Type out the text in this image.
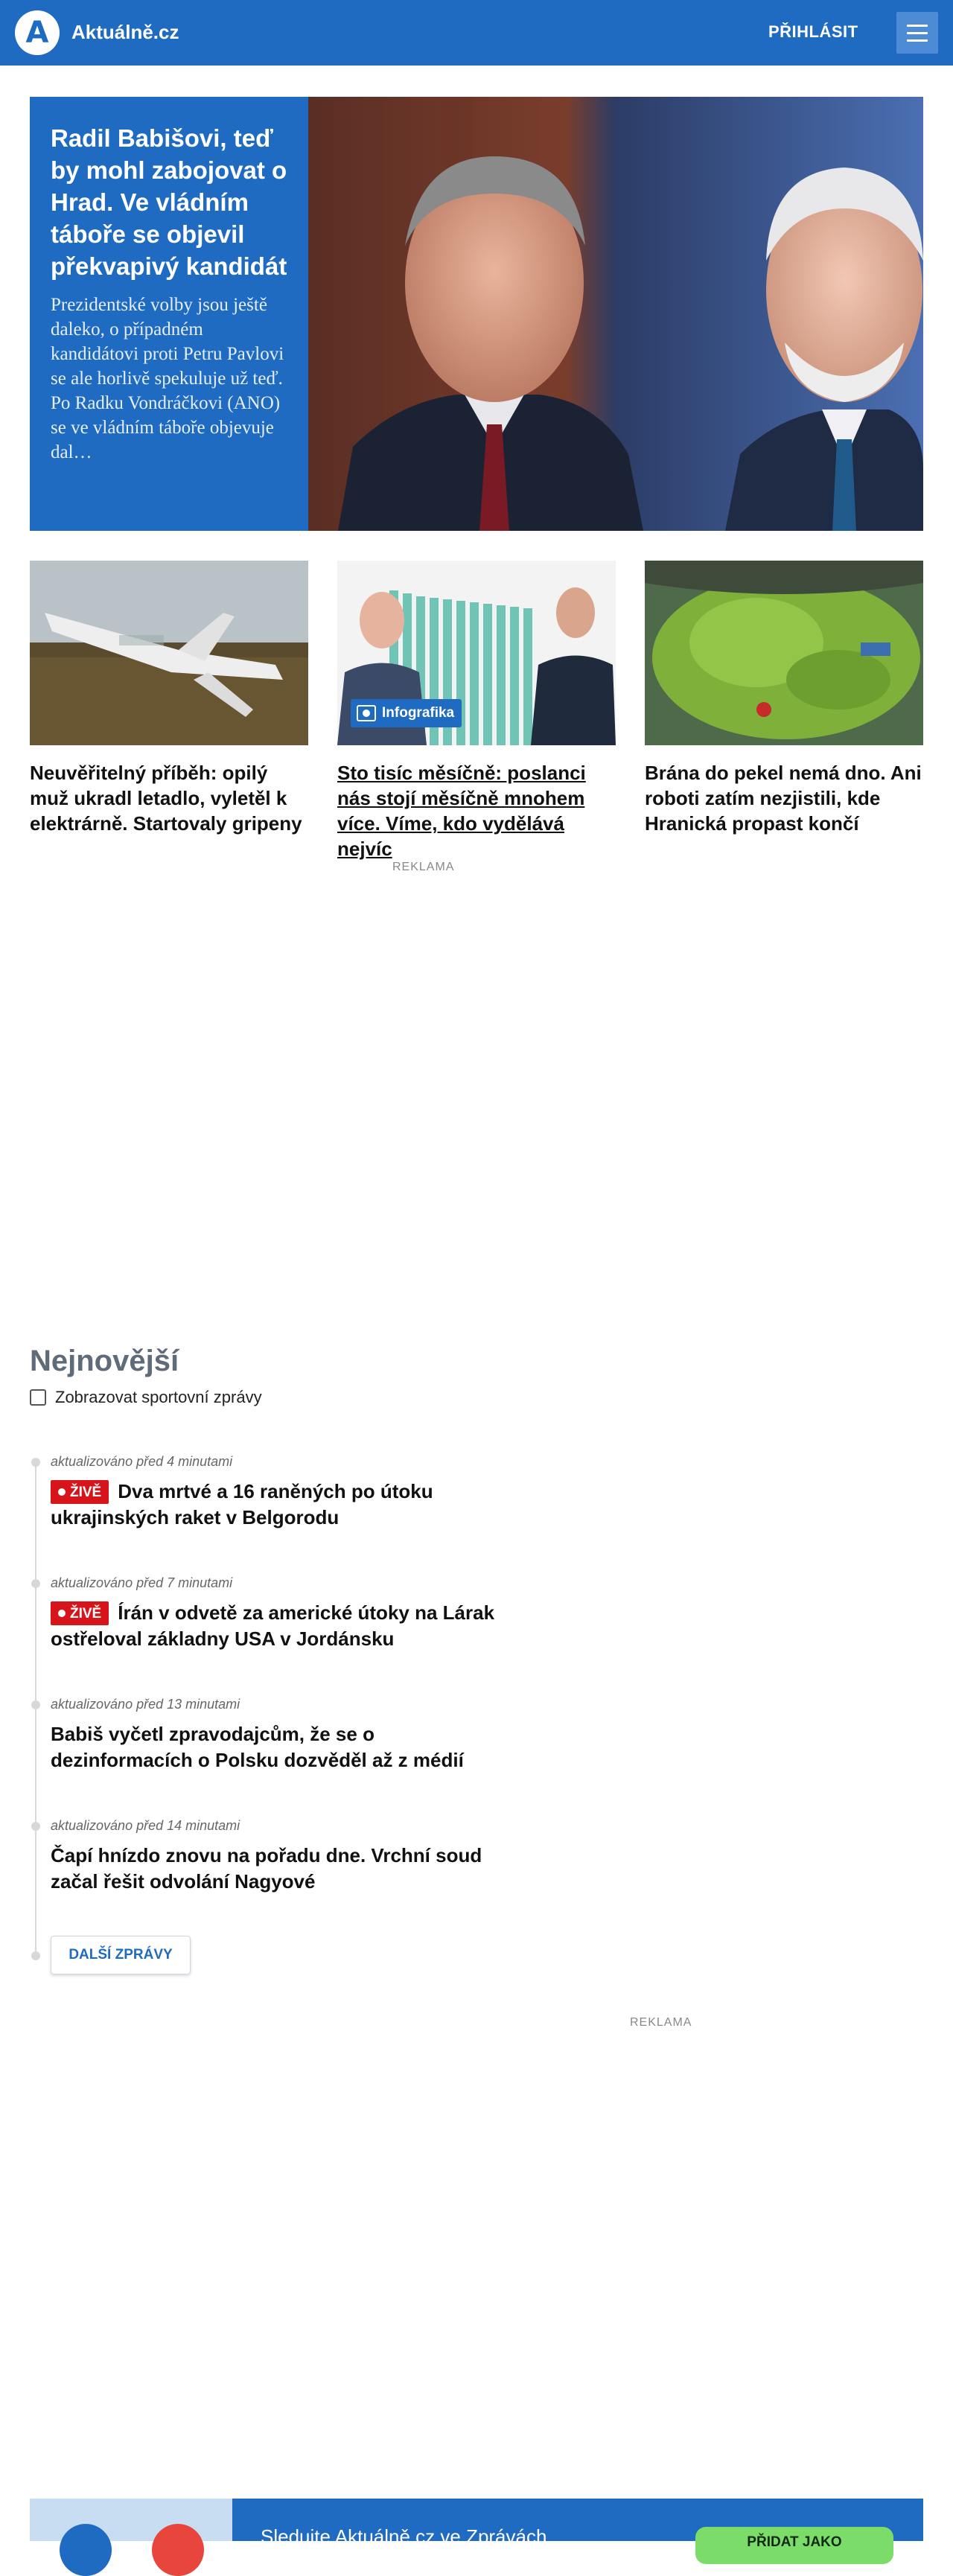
A Aktuálně.cz	PŘIHLÁSIT
Radil Babišovi, teď by mohl zabojovat o Hrad. Ve vládním táboře se objevil překvapivý kandidát

Prezidentské volby jsou ještě daleko, o případném kandidátovi proti Petru Pavlovi se ale horlivě spekuluje už teď. Po Radku Vondráčkovi (ANO) se ve vládním táboře objevuje dal…

Neuvěřitelný příběh: opilý muž ukradl letadlo, vyletěl k elektrárně. Startovaly gripeny
Infografika
Sto tisíc měsíčně: poslanci nás stojí měsíčně mnohem více. Víme, kdo vydělává nejvíc
Brána do pekel nemá dno. Ani roboti zatím nezjistili, kde Hranická propast končí
REKLAMA
Nejnovější
Zobrazovat sportovní zprávy
aktualizováno před 4 minutami
ŽIVĚ Dva mrtvé a 16 raněných po útoku ukrajinských raket v Belgorodu
aktualizováno před 7 minutami
ŽIVĚ Írán v odvetě za americké útoky na Lárak ostřeloval základny USA v Jordánsku
aktualizováno před 13 minutami
Babiš vyčetl zpravodajcům, že se o dezinformacích o Polsku dozvěděl až z médií
aktualizováno před 14 minutami
Čapí hnízdo znovu na pořadu dne. Vrchní soud začal řešit odvolání Nagyové
DALŠÍ ZPRÁVY
REKLAMA
Sledujte Aktuálně.cz ve Zprávách	PŘIDAT JAKO
